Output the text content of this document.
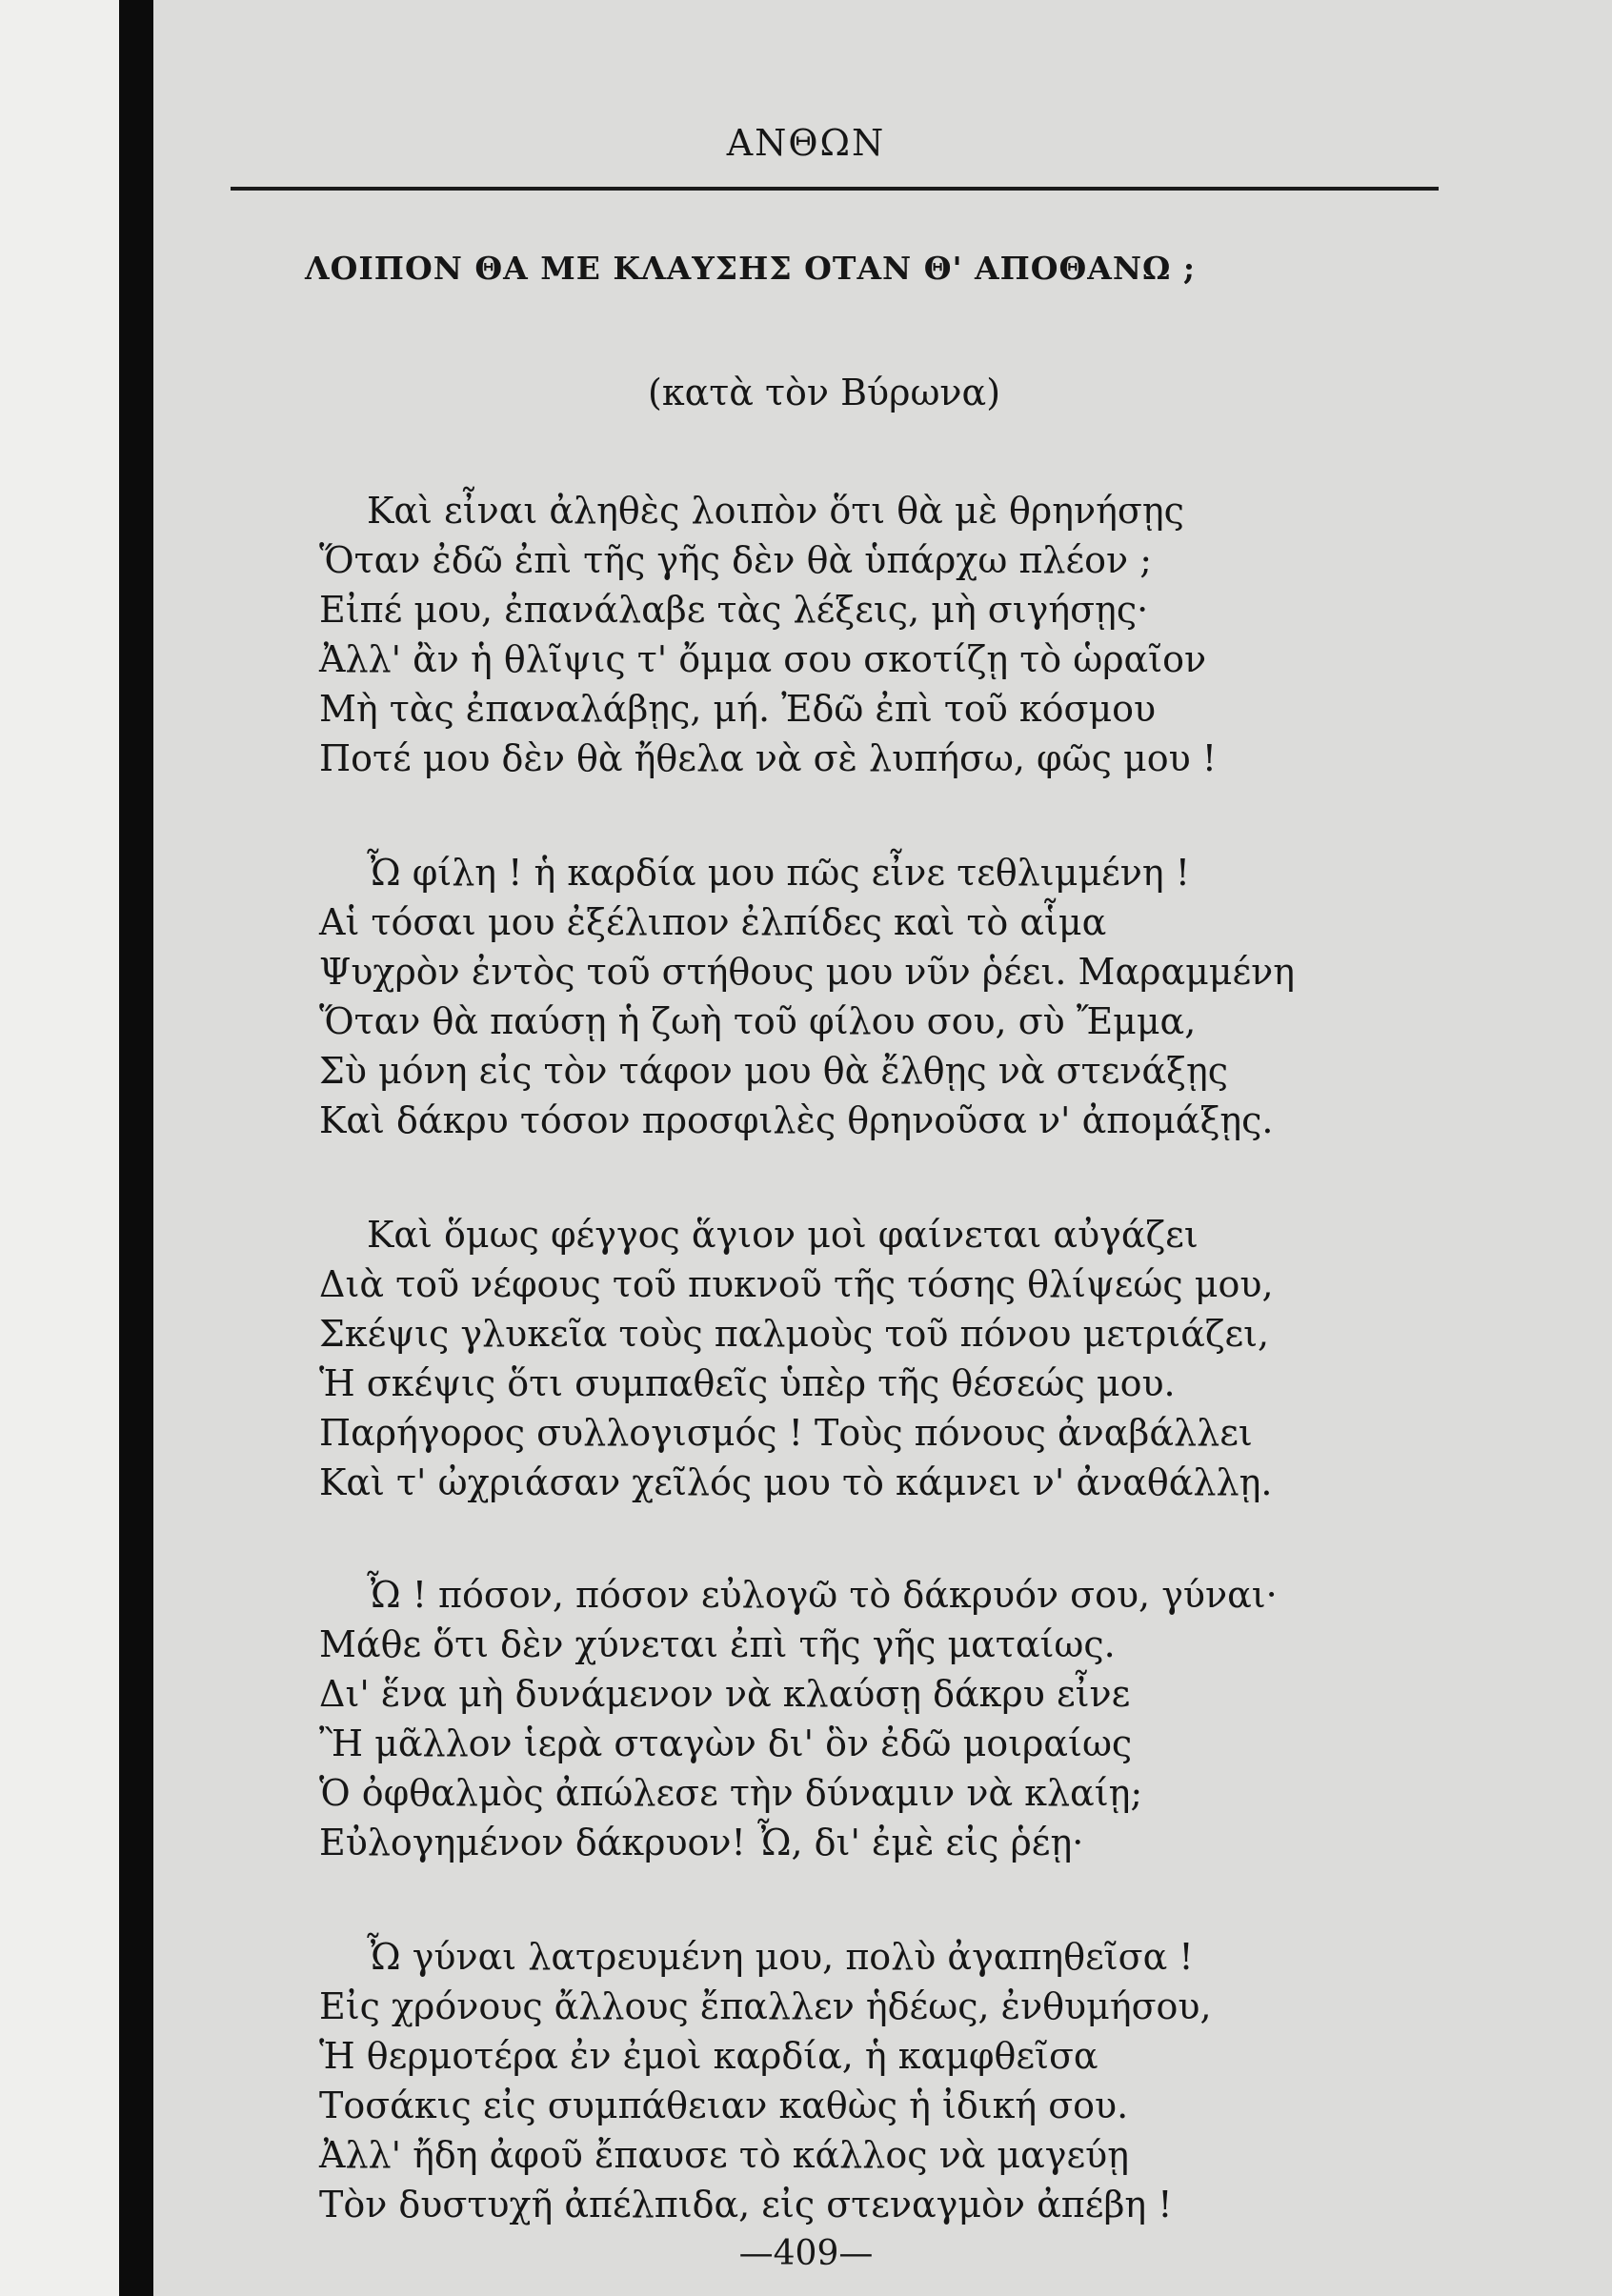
ΑΝΘΩΝ
ΛΟΙΠΟΝ ΘΑ ΜΕ ΚΛΑΥΣΗΣ ΟΤΑΝ Θ' ΑΠΟΘΑΝΩ ;
(κατὰ τὸν Βύρωνα)
Καὶ εἶναι ἀληθὲς λοιπὸν ὅτι θὰ μὲ θρηνήσῃς
Ὅταν ἐδῶ ἐπὶ τῆς γῆς δὲν θὰ ὑπάρχω πλέον ;
Εἰπέ μου, ἐπανάλαβε τὰς λέξεις, μὴ σιγήσῃς·
Ἀλλ' ἂν ἡ θλῖψις τ' ὄμμα σου σκοτίζῃ τὸ ὡραῖον
Μὴ τὰς ἐπαναλάβῃς, μή. Ἐδῶ ἐπὶ τοῦ κόσμου
Ποτέ μου δὲν θὰ ἤθελα νὰ σὲ λυπήσω, φῶς μου !
Ὦ φίλη ! ἡ καρδία μου πῶς εἶνε τεθλιμμένη !
Αἱ τόσαι μου ἐξέλιπον ἐλπίδες καὶ τὸ αἷμα
Ψυχρὸν ἐντὸς τοῦ στήθους μου νῦν ῥέει. Μαραμμένη
Ὅταν θὰ παύσῃ ἡ ζωὴ τοῦ φίλου σου, σὺ Ἔμμα,
Σὺ μόνη εἰς τὸν τάφον μου θὰ ἔλθῃς νὰ στενάξῃς
Καὶ δάκρυ τόσον προσφιλὲς θρηνοῦσα ν' ἀπομάξῃς.
Καὶ ὅμως φέγγος ἅγιον μοὶ φαίνεται αὐγάζει
Διὰ τοῦ νέφους τοῦ πυκνοῦ τῆς τόσης θλίψεώς μου,
Σκέψις γλυκεῖα τοὺς παλμοὺς τοῦ πόνου μετριάζει,
Ἡ σκέψις ὅτι συμπαθεῖς ὑπὲρ τῆς θέσεώς μου.
Παρήγορος συλλογισμός ! Τοὺς πόνους ἀναβάλλει
Καὶ τ' ὠχριάσαν χεῖλός μου τὸ κάμνει ν' ἀναθάλλῃ.
Ὦ ! πόσον, πόσον εὐλογῶ τὸ δάκρυόν σου, γύναι·
Μάθε ὅτι δὲν χύνεται ἐπὶ τῆς γῆς ματαίως.
Δι' ἕνα μὴ δυνάμενον νὰ κλαύσῃ δάκρυ εἶνε
Ἢ μᾶλλον ἱερὰ σταγὼν δι' ὃν ἐδῶ μοιραίως
Ὁ ὀφθαλμὸς ἀπώλεσε τὴν δύναμιν νὰ κλαίῃ;
Εὐλογημένον δάκρυον! Ὦ, δι' ἐμὲ εἰς ῥέῃ·
Ὦ γύναι λατρευμένη μου, πολὺ ἀγαπηθεῖσα !
Εἰς χρόνους ἄλλους ἔπαλλεν ἡδέως, ἐνθυμήσου,
Ἡ θερμοτέρα ἐν ἐμοὶ καρδία, ἡ καμφθεῖσα
Τοσάκις εἰς συμπάθειαν καθὼς ἡ ἰδική σου.
Ἀλλ' ἤδη ἀφοῦ ἔπαυσε τὸ κάλλος νὰ μαγεύῃ
Τὸν δυστυχῆ ἀπέλπιδα, εἰς στεναγμὸν ἀπέβη !
—409—
